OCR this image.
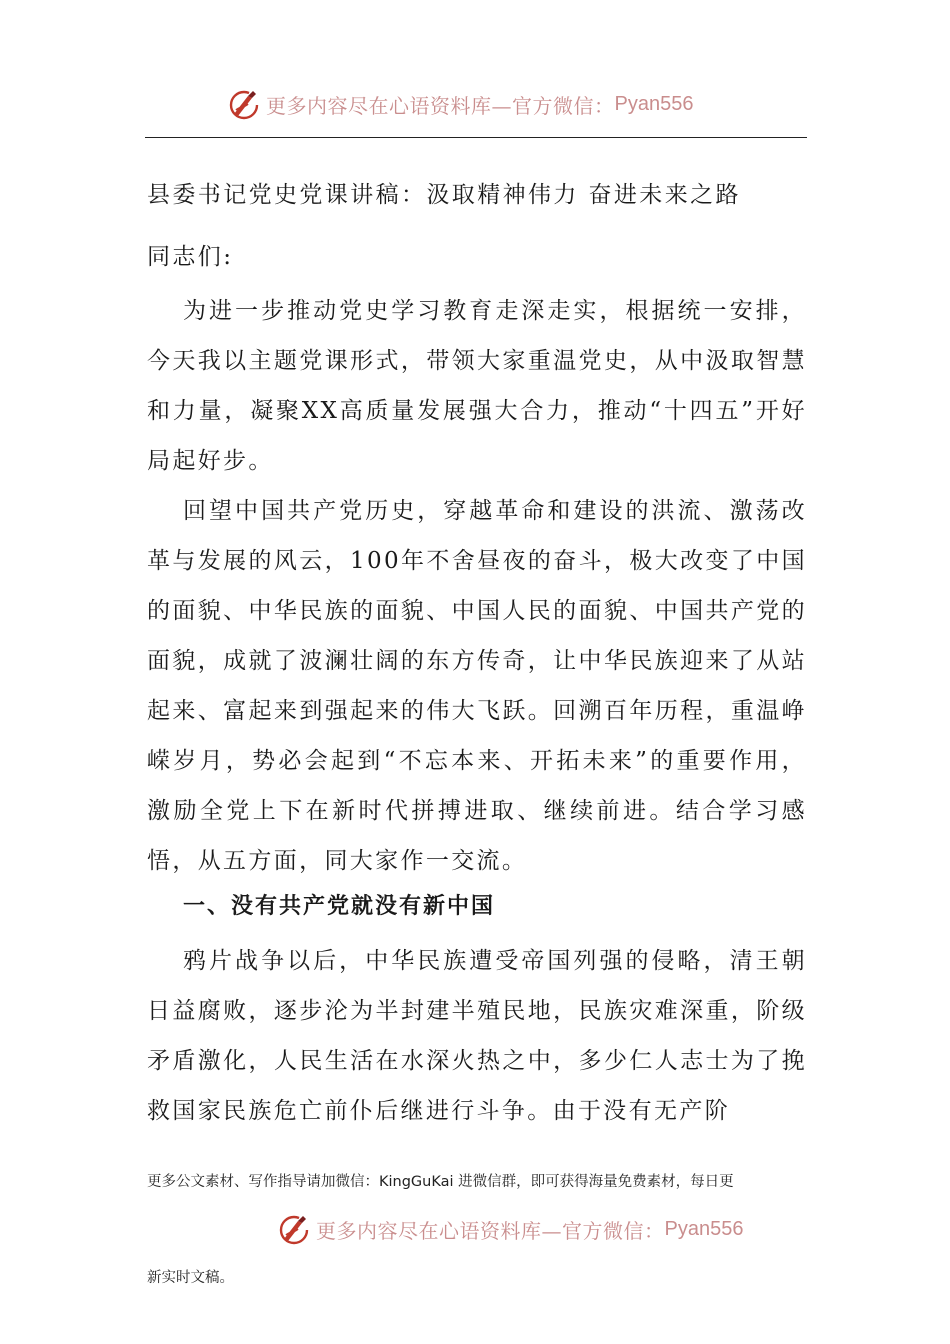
更多内容尽在心语资料库—官方微信： Pyan556
县委书记党史党课讲稿：汲取精神伟力 奋进未来之路
同志们:

为进一步推动党史学习教育走深走实，根据统一安排，今天我以主题党课形式，带领大家重温党史，从中汲取智慧和力量，凝聚XX高质量发展强大合力，推动“十四五”开好局起好步。

回望中国共产党历史，穿越革命和建设的洪流、激荡改革与发展的风云，100年不舍昼夜的奋斗，极大改变了中国的面貌、中华民族的面貌、中国人民的面貌、中国共产党的面貌，成就了波澜壮阔的东方传奇，让中华民族迎来了从站起来、富起来到强起来的伟大飞跃。回溯百年历程，重温峥嵘岁月，势必会起到“不忘本来、开拓未来”的重要作用，激励全党上下在新时代拼搏进取、继续前进。结合学习感悟，从五方面，同大家作一交流。

一、没有共产党就没有新中国

鸦片战争以后，中华民族遭受帝国列强的侵略，清王朝日益腐败，逐步沦为半封建半殖民地，民族灾难深重，阶级矛盾激化，人民生活在水深火热之中，多少仁人志士为了挽救国家民族危亡前仆后继进行斗争。由于没有无产阶

更多公文素材、写作指导请加微信：KingGuKai 进微信群，即可获得海量免费素材，每日更
更多内容尽在心语资料库—官方微信： Pyan556
新实时文稿。
